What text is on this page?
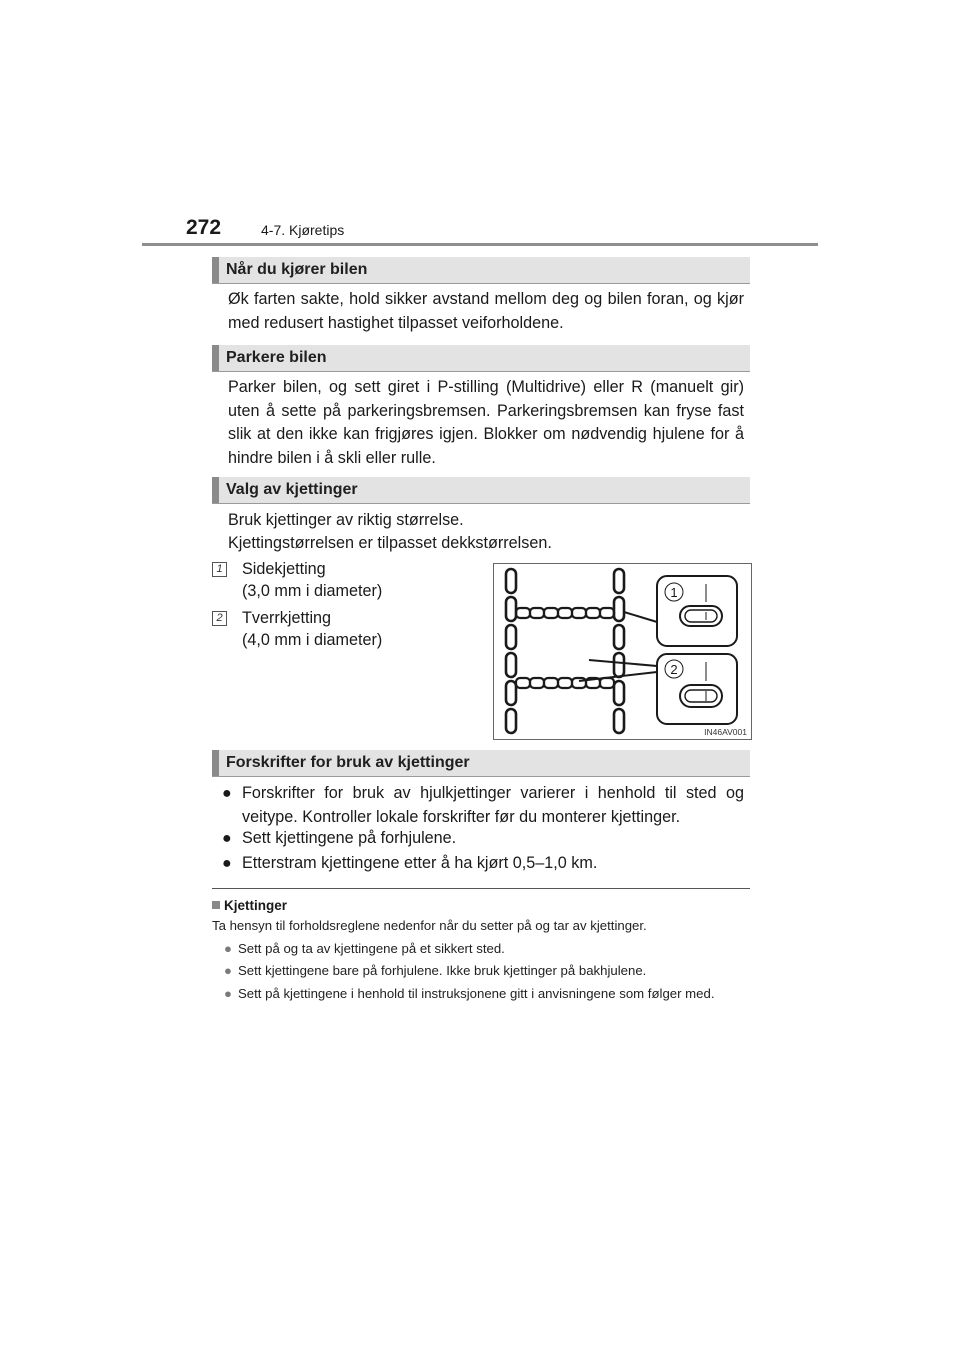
272	4-7. Kjøretips
Når du kjører bilen
Øk farten sakte, hold sikker avstand mellom deg og bilen foran, og kjør med redusert hastighet tilpasset veiforholdene.
Parkere bilen
Parker bilen, og sett giret i P-stilling (Multidrive) eller R (manuelt gir) uten å sette på parkeringsbremsen. Parkeringsbremsen kan fryse fast slik at den ikke kan frigjøres igjen. Blokker om nødvendig hjulene for å hindre bilen i å skli eller rulle.
Valg av kjettinger
Bruk kjettinger av riktig størrelse.
Kjettingstørrelsen er tilpasset dekkstørrelsen.
1 Sidekjetting
(3,0 mm i diameter)
2 Tverrkjetting
(4,0 mm i diameter)
1
2
IN46AV001
Forskrifter for bruk av kjettinger
● Forskrifter for bruk av hjulkjettinger varierer i henhold til sted og veitype. Kontroller lokale forskrifter før du monterer kjettinger.
● Sett kjettingene på forhjulene.
● Etterstram kjettingene etter å ha kjørt 0,5–1,0 km.
Kjettinger
Ta hensyn til forholdsreglene nedenfor når du setter på og tar av kjettinger.
● Sett på og ta av kjettingene på et sikkert sted.
● Sett kjettingene bare på forhjulene. Ikke bruk kjettinger på bakhjulene.
● Sett på kjettingene i henhold til instruksjonene gitt i anvisningene som følger med.
